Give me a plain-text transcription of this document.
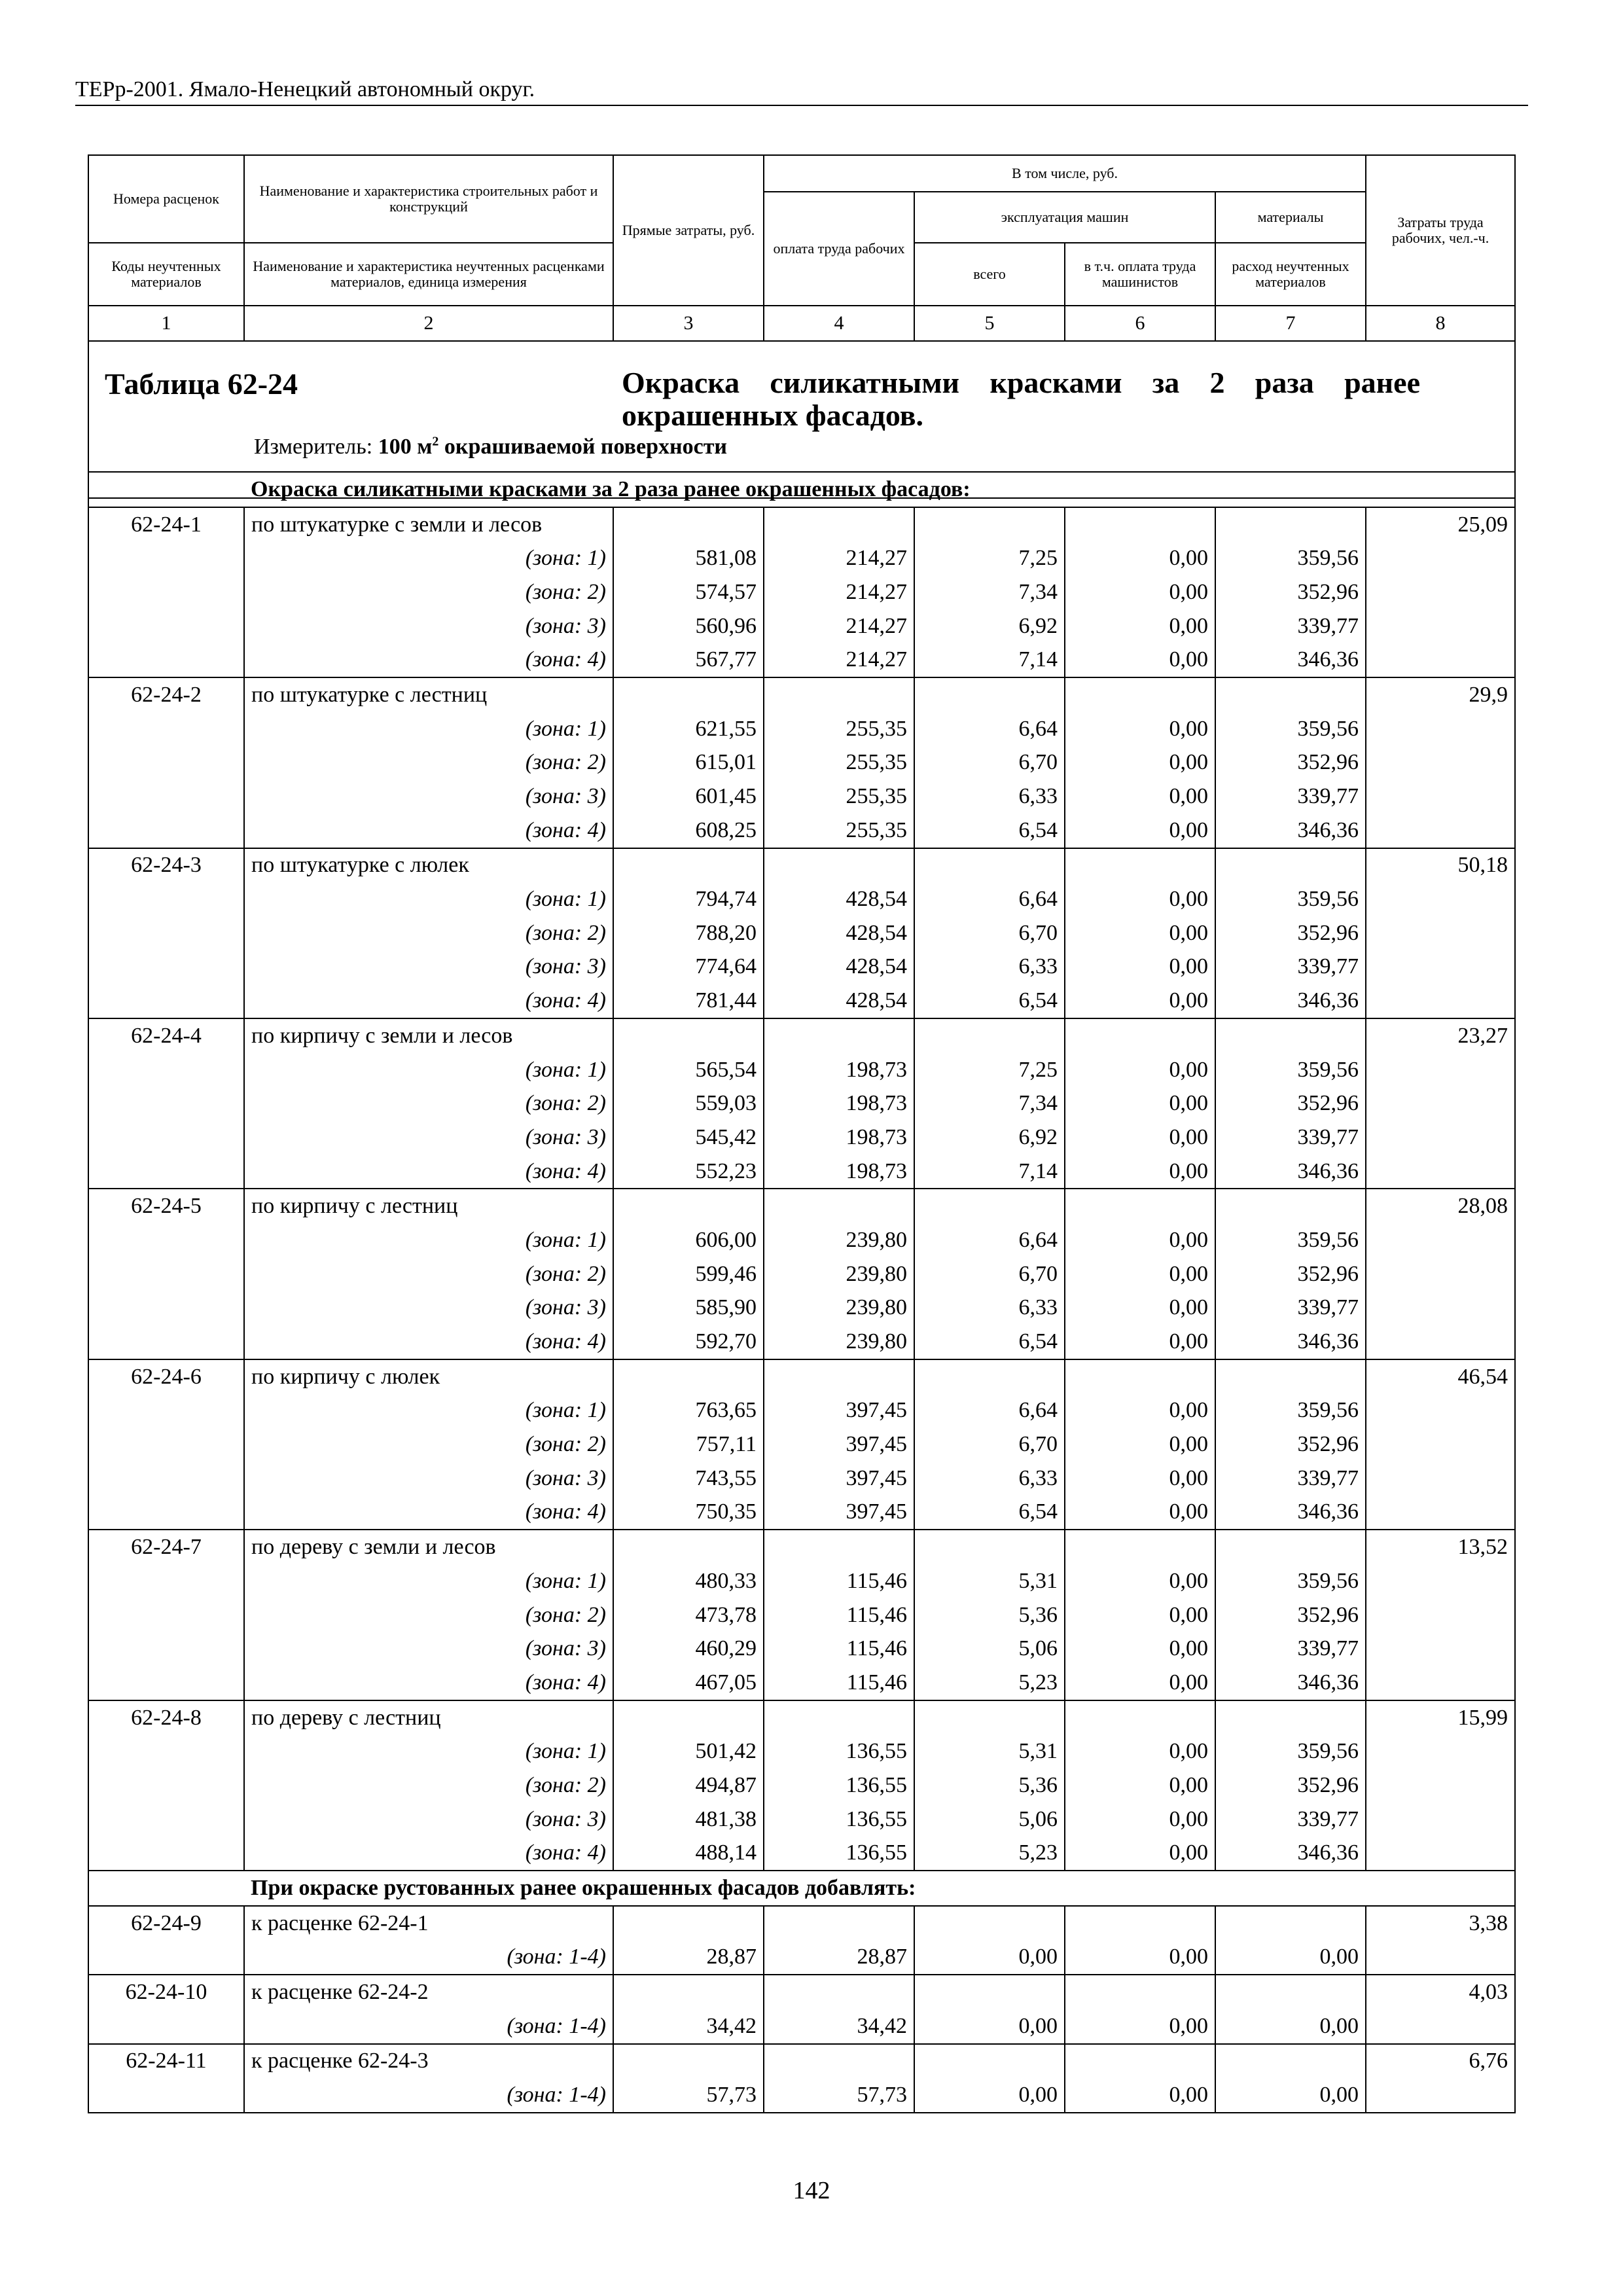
ТЕРр-2001. Ямало-Ненецкий автономный округ.
Номера расценок	Наименование и характеристика строительных работ и конструкций	Прямые затраты, руб.	В том числе, руб.				Затраты труда рабочих, чел.-ч.
			оплата труда рабочих	эксплуатация машин		материалы	
Коды неучтенных материалов	Наименование и характеристика неучтенных расценками материалов, единица измерения			всего	в т.ч. оплата труда машинистов	расход неучтенных материалов	
1	2	3	4	5	6	7	8

Таблица 62-24	Окраска силикатными красками за 2 раза ранее окрашенных фасадов.
Измеритель: 100 $м^2$ окрашиваемой поверхности
	Окраска силикатными красками за 2 раза ранее окрашенных фасадов:						
62-24-1	по штукатурке с земли и лесов						25,09
	(зона: 1)	581,08	214,27	7,25	0,00	359,56	
	(зона: 2)	574,57	214,27	7,34	0,00	352,96	
	(зона: 3)	560,96	214,27	6,92	0,00	339,77	
	(зона: 4)	567,77	214,27	7,14	0,00	346,36	
62-24-2	по штукатурке с лестниц						29,9
	(зона: 1)	621,55	255,35	6,64	0,00	359,56	
	(зона: 2)	615,01	255,35	6,70	0,00	352,96	
	(зона: 3)	601,45	255,35	6,33	0,00	339,77	
	(зона: 4)	608,25	255,35	6,54	0,00	346,36	
62-24-3	по штукатурке с люлек						50,18
	(зона: 1)	794,74	428,54	6,64	0,00	359,56	
	(зона: 2)	788,20	428,54	6,70	0,00	352,96	
	(зона: 3)	774,64	428,54	6,33	0,00	339,77	
	(зона: 4)	781,44	428,54	6,54	0,00	346,36	
62-24-4	по кирпичу с земли и лесов						23,27
	(зона: 1)	565,54	198,73	7,25	0,00	359,56	
	(зона: 2)	559,03	198,73	7,34	0,00	352,96	
	(зона: 3)	545,42	198,73	6,92	0,00	339,77	
	(зона: 4)	552,23	198,73	7,14	0,00	346,36	
62-24-5	по кирпичу с лестниц						28,08
	(зона: 1)	606,00	239,80	6,64	0,00	359,56	
	(зона: 2)	599,46	239,80	6,70	0,00	352,96	
	(зона: 3)	585,90	239,80	6,33	0,00	339,77	
	(зона: 4)	592,70	239,80	6,54	0,00	346,36	
62-24-6	по кирпичу с люлек						46,54
	(зона: 1)	763,65	397,45	6,64	0,00	359,56	
	(зона: 2)	757,11	397,45	6,70	0,00	352,96	
	(зона: 3)	743,55	397,45	6,33	0,00	339,77	
	(зона: 4)	750,35	397,45	6,54	0,00	346,36	
62-24-7	по дереву с земли и лесов						13,52
	(зона: 1)	480,33	115,46	5,31	0,00	359,56	
	(зона: 2)	473,78	115,46	5,36	0,00	352,96	
	(зона: 3)	460,29	115,46	5,06	0,00	339,77	
	(зона: 4)	467,05	115,46	5,23	0,00	346,36	
62-24-8	по дереву с лестниц						15,99
	(зона: 1)	501,42	136,55	5,31	0,00	359,56	
	(зона: 2)	494,87	136,55	5,36	0,00	352,96	
	(зона: 3)	481,38	136,55	5,06	0,00	339,77	
	(зона: 4)	488,14	136,55	5,23	0,00	346,36	
	При окраске рустованных ранее окрашенных фасадов добавлять:						
62-24-9	к расценке 62-24-1						3,38
	(зона: 1-4)	28,87	28,87	0,00	0,00	0,00	
62-24-10	к расценке 62-24-2						4,03
	(зона: 1-4)	34,42	34,42	0,00	0,00	0,00	
62-24-11	к расценке 62-24-3						6,76
	(зона: 1-4)	57,73	57,73	0,00	0,00	0,00	
142
